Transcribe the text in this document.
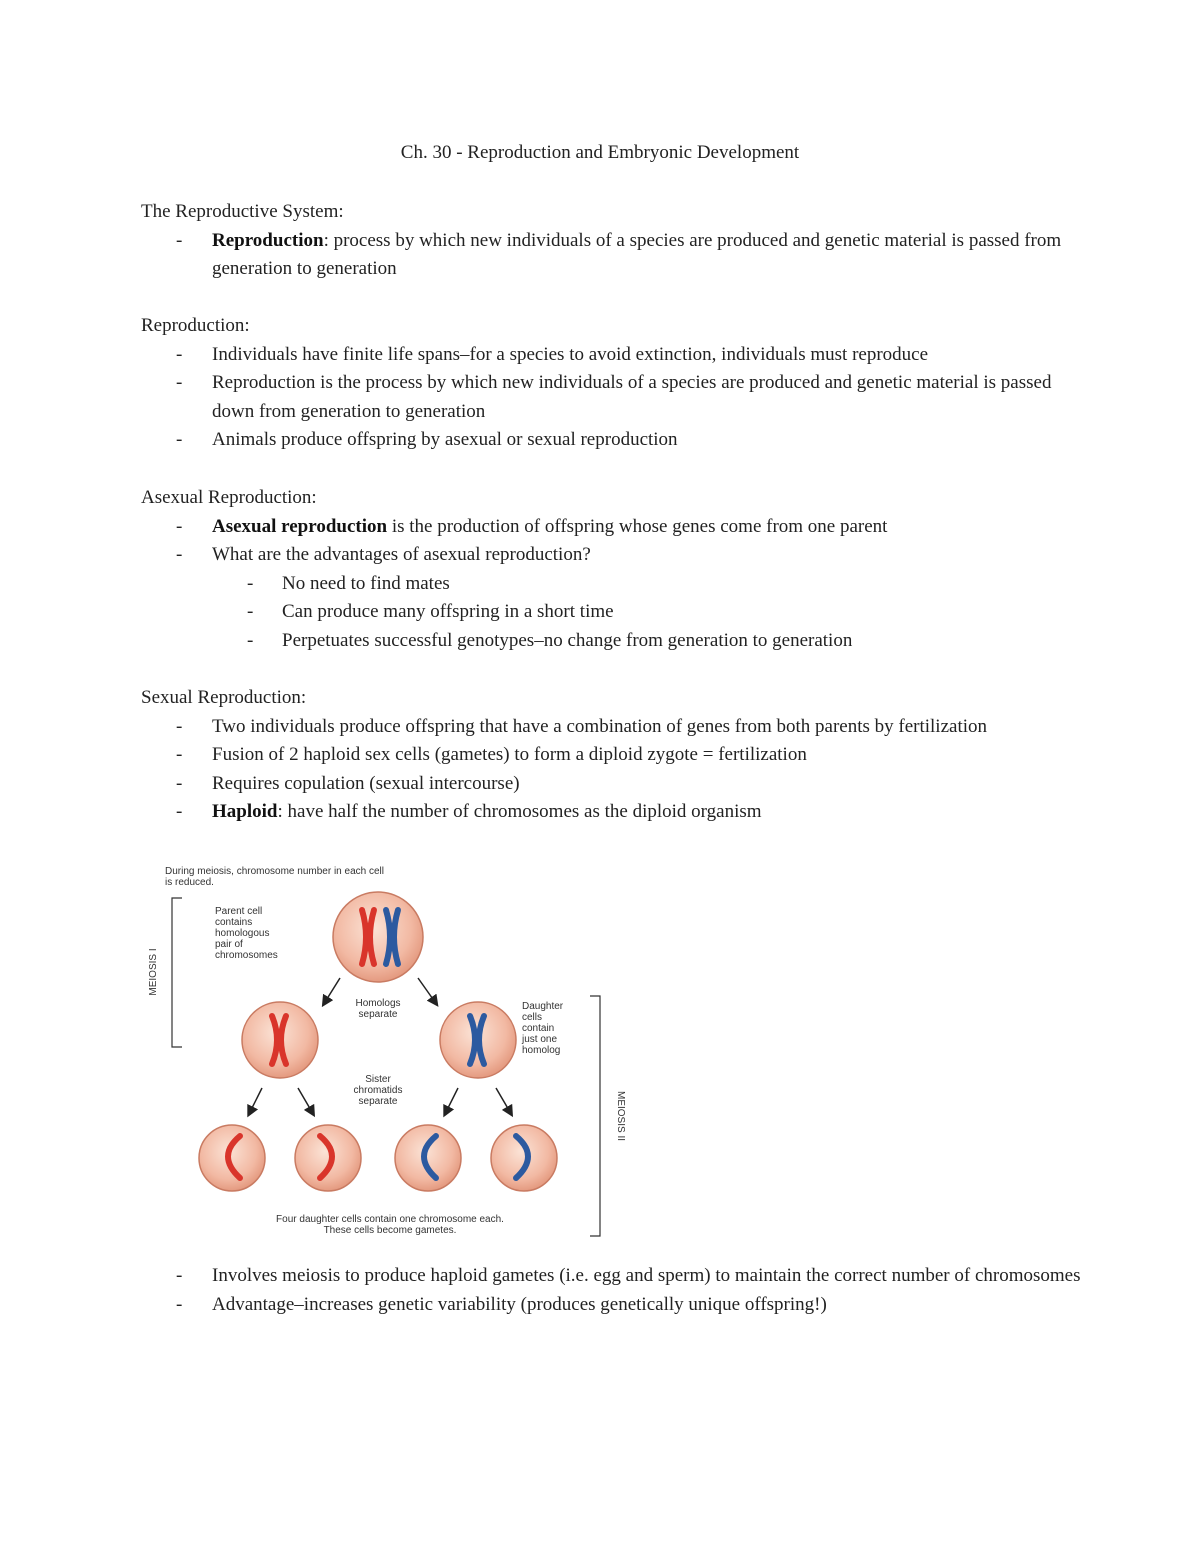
Ch. 30 - Reproduction and Embryonic Development

The Reproductive System:

- Reproduction: process by which new individuals of a species are produced and genetic material is passed from generation to generation

Reproduction:

- Individuals have finite life spans–for a species to avoid extinction, individuals must reproduce
- Reproduction is the process by which new individuals of a species are produced and genetic material is passed down from generation to generation
- Animals produce offspring by asexual or sexual reproduction

Asexual Reproduction:

- Asexual reproduction is the production of offspring whose genes come from one parent
- What are the advantages of asexual reproduction?
- No need to find mates
- Can produce many offspring in a short time
- Perpetuates successful genotypes–no change from generation to generation

Sexual Reproduction:

- Two individuals produce offspring that have a combination of genes from both parents by fertilization
- Fusion of 2 haploid sex cells (gametes) to form a diploid zygote = fertilization
- Requires copulation (sexual intercourse)
- Haploid: have half the number of chromosomes as the diploid organism
During meiosis, chromosome number in each cell
is reduced.
MEIOSIS I
MEIOSIS II
Parent cell
contains
homologous
pair of
chromosomes
Homologs
separate
Daughter
cells
contain
just one
homolog
Sister
chromatids
separate
Four daughter cells contain one chromosome each.
These cells become gametes.
- Involves meiosis to produce haploid gametes (i.e. egg and sperm) to maintain the correct number of chromosomes
- Advantage–increases genetic variability (produces genetically unique offspring!)
